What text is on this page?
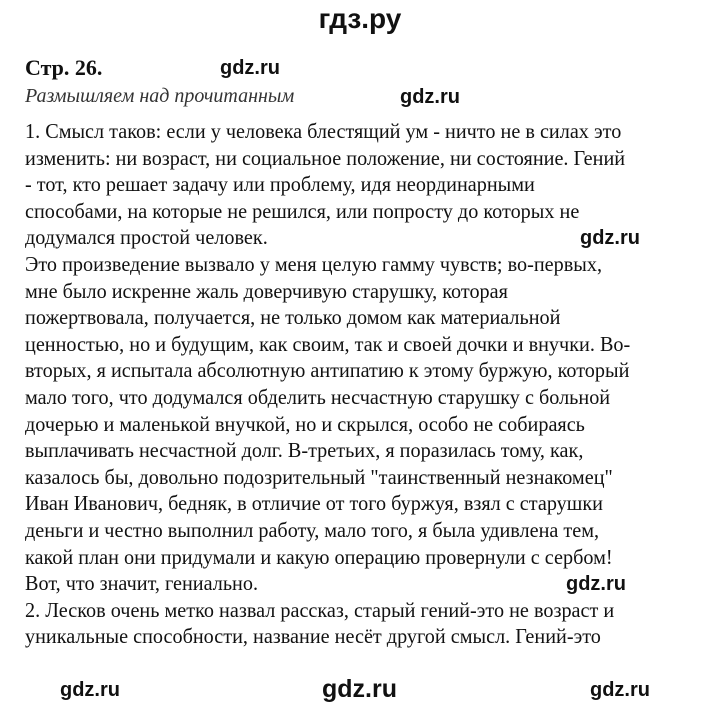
гдз.ру
Стр. 26.
Размышляем над прочитанным
1. Смысл таков: если у человека блестящий ум - ничто не в силах это
изменить: ни возраст, ни социальное положение, ни состояние. Гений
- тот, кто решает задачу или проблему, идя неординарными
способами, на которые не решился, или попросту до которых не
додумался простой человек.
Это произведение вызвало у меня целую гамму чувств; во-первых,
мне было искренне жаль доверчивую старушку, которая
пожертвовала, получается, не только домом как материальной
ценностью, но и будущим, как своим, так и своей дочки и внучки. Во-
вторых, я испытала абсолютную антипатию к этому буржую, который
мало того, что додумался обделить несчастную старушку с больной
дочерью и маленькой внучкой, но и скрылся, особо не собираясь
выплачивать несчастной долг. В-третьих, я поразилась тому, как,
казалось бы, довольно подозрительный "таинственный незнакомец"
Иван Иванович, бедняк, в отличие от того буржуя, взял с старушки
деньги и честно выполнил работу, мало того, я была удивлена тем,
какой план они придумали и какую операцию провернули с сербом!
Вот, что значит, гениально.
2. Лесков очень метко назвал рассказ, старый гений-это не возраст и
уникальные способности, название несёт другой смысл. Гений-это
gdz.ru
gdz.ru
gdz.ru
gdz.ru
gdz.ru	gdz.ru
gdz.ru
